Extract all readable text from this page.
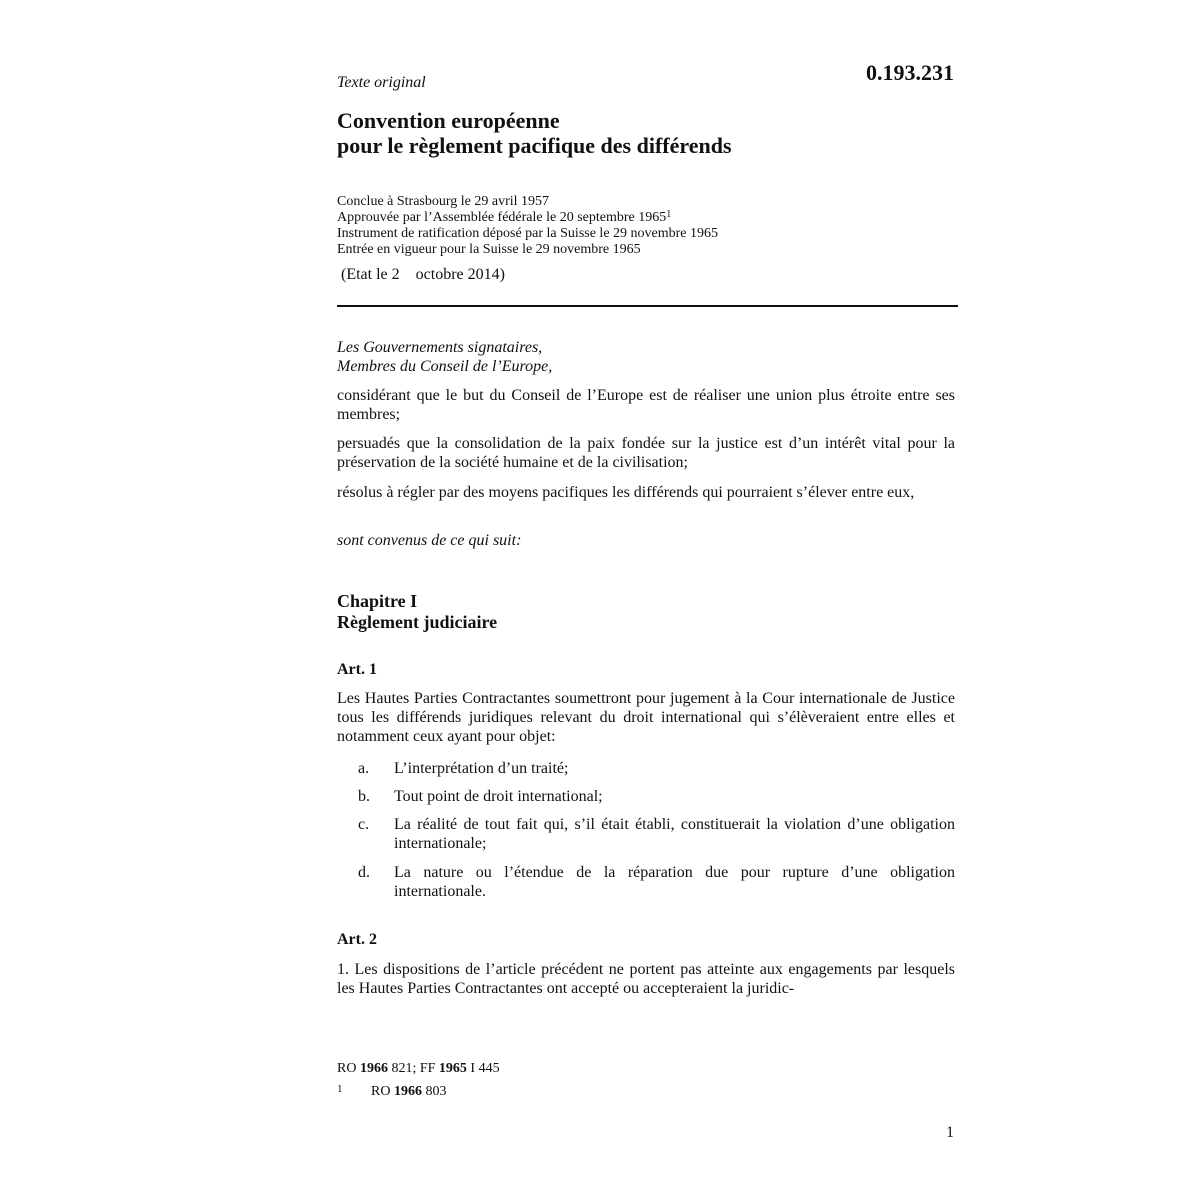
0.193.231
Texte original
Convention européenne
pour le règlement pacifique des différends
Conclue à Strasbourg le 29 avril 1957
Approuvée par l’Assemblée fédérale le 20 septembre 1965$^1$
Instrument de ratification déposé par la Suisse le 29 novembre 1965
Entrée en vigueur pour la Suisse le 29 novembre 1965
(Etat le 2    octobre 2014)
Les Gouvernements signataires,
Membres du Conseil de l’Europe,
considérant que le but du Conseil de l’Europe est de réaliser une union plus étroite entre ses membres;
persuadés que la consolidation de la paix fondée sur la justice est d’un intérêt vital pour la préservation de la société humaine et de la civilisation;
résolus à régler par des moyens pacifiques les différends qui pourraient s’élever entre eux,
sont convenus de ce qui suit:
Chapitre I
Règlement judiciaire
Art. 1
Les Hautes Parties Contractantes soumettront pour jugement à la Cour internationale de Justice tous les différends juridiques relevant du droit international qui s’élèveraient entre elles et notamment ceux ayant pour objet:
a. L’interprétation d’un traité;
b. Tout point de droit international;
c. La réalité de tout fait qui, s’il était établi, constituerait la violation d’une obligation internationale;
d. La nature ou l’étendue de la réparation due pour rupture d’une obligation internationale.
Art. 2
1. Les dispositions de l’article précédent ne portent pas atteinte aux engagements par lesquels les Hautes Parties Contractantes ont accepté ou accepteraient la juridic-
RO 1966 821; FF 1965 I 445
1 RO 1966 803
1
